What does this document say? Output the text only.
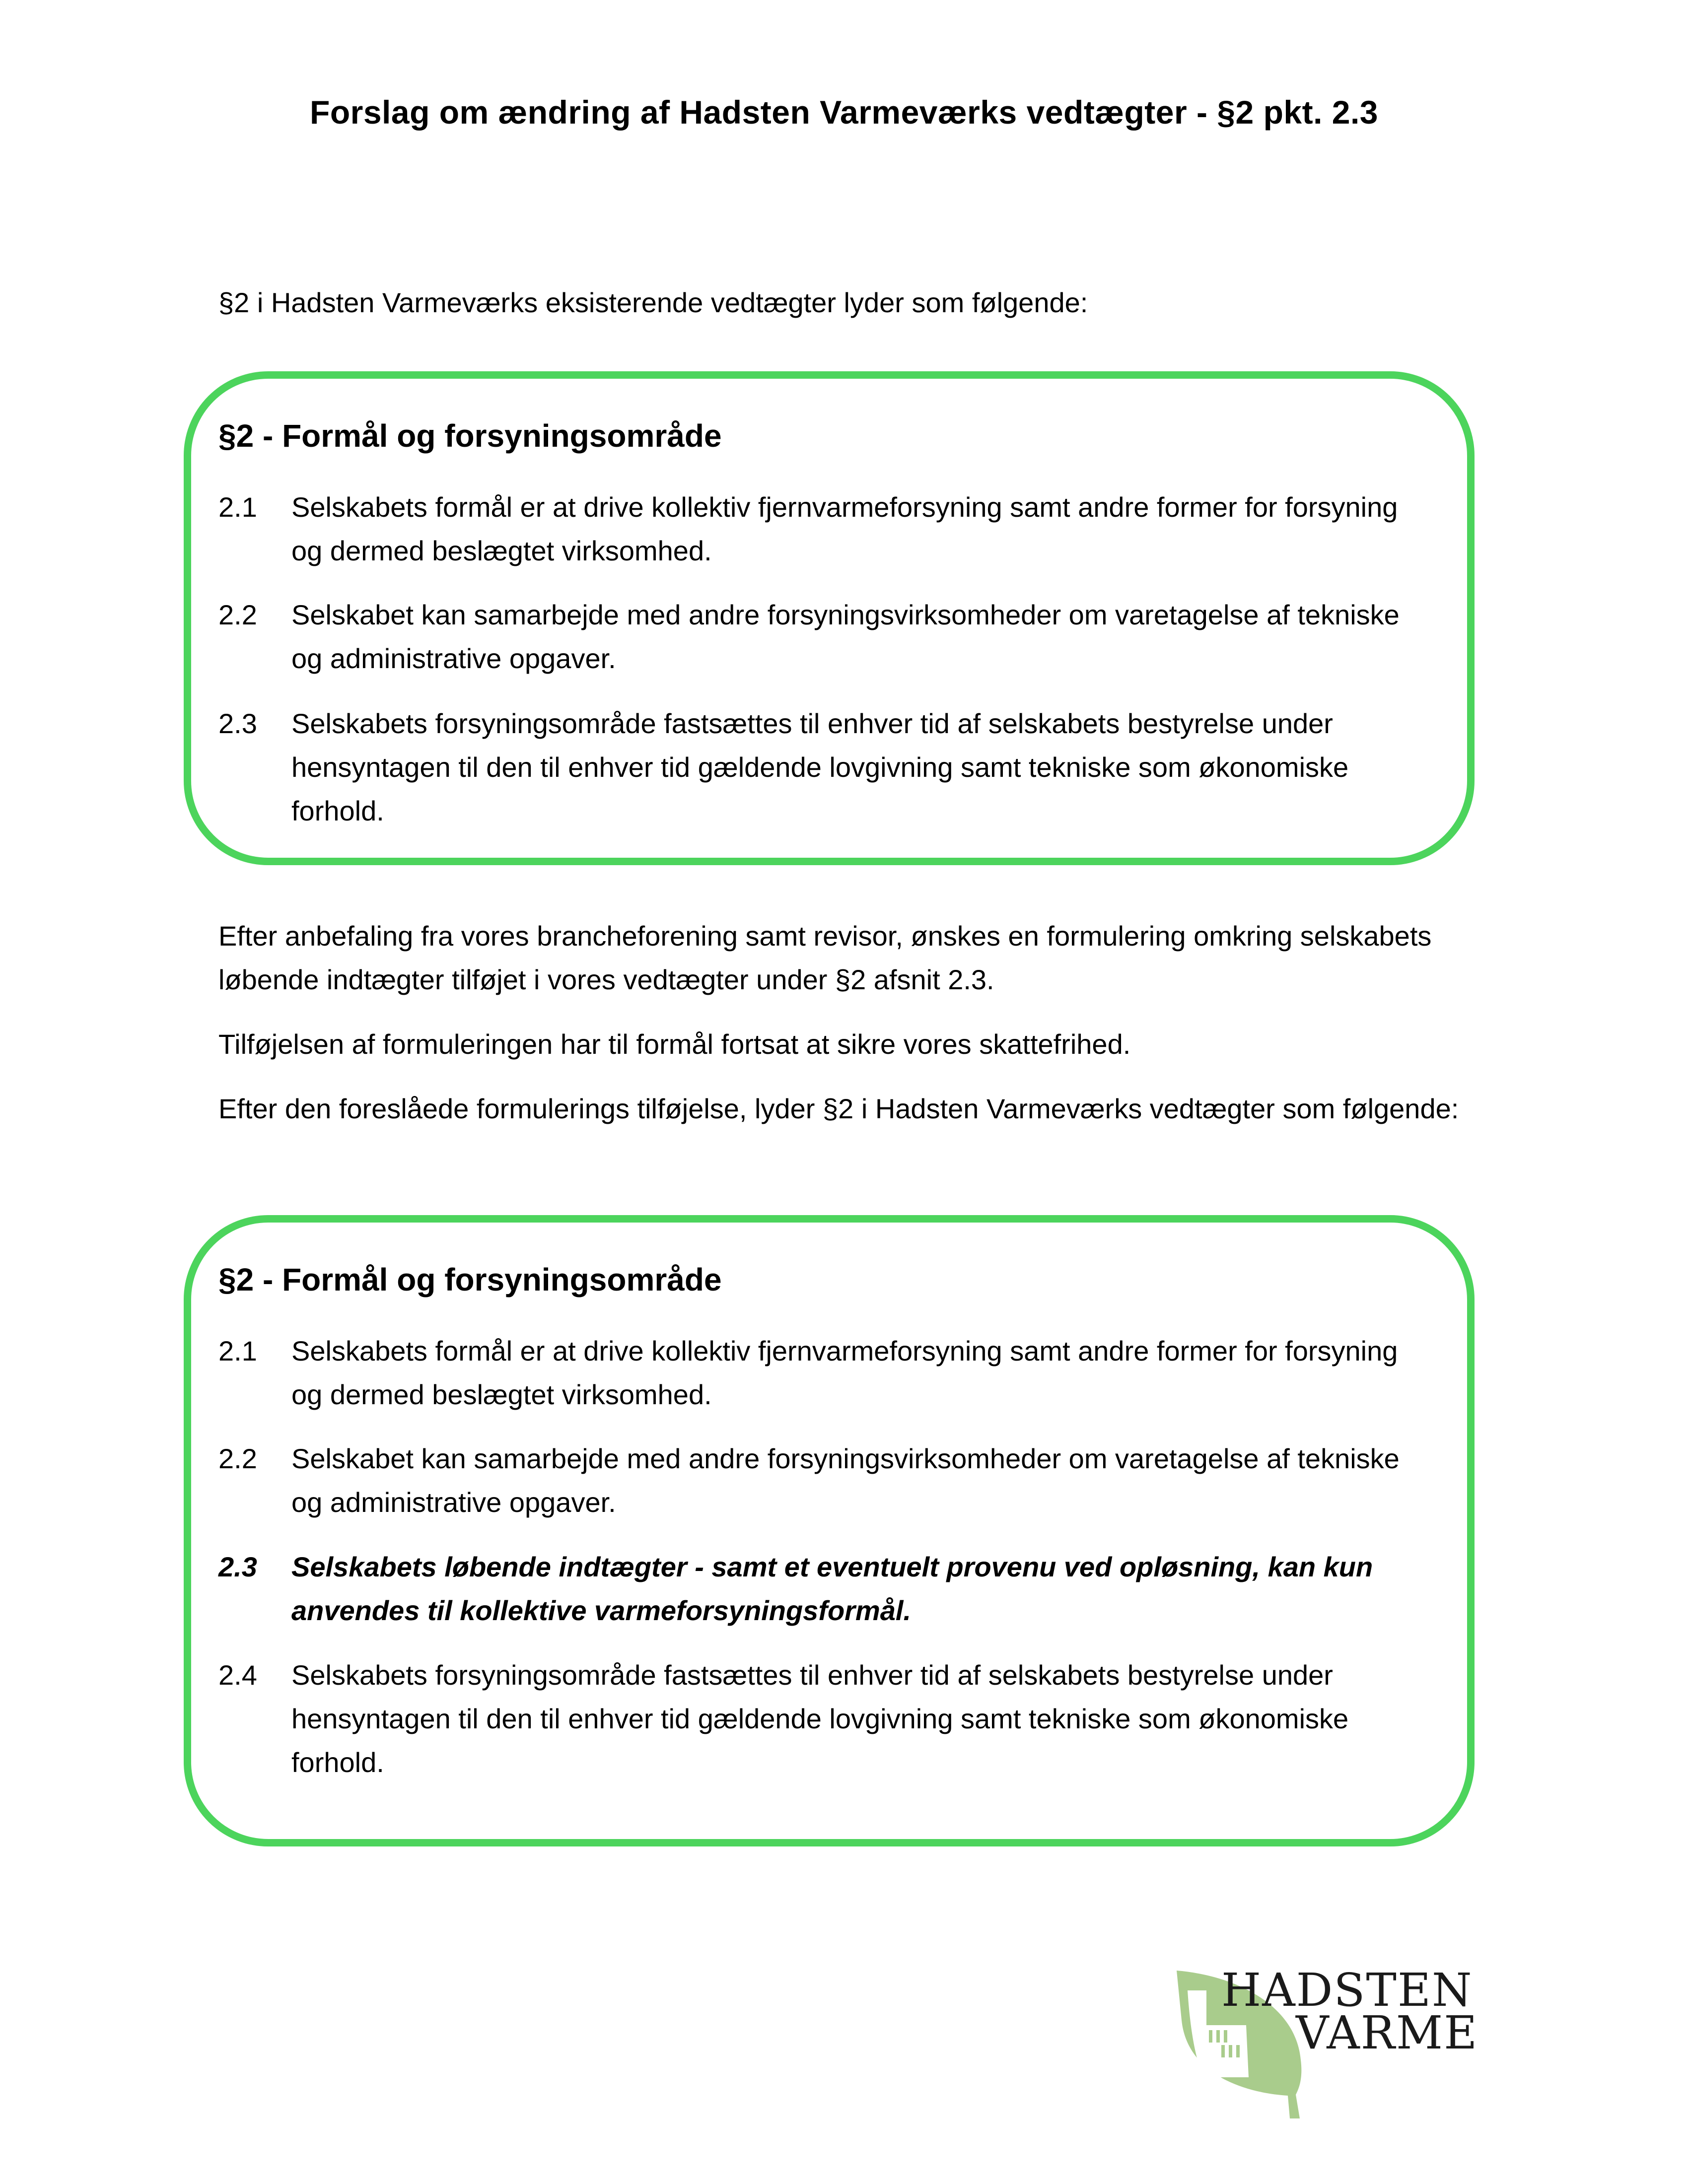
Forslag om ændring af Hadsten Varmeværks vedtægter - §2 pkt. 2.3
§2 i Hadsten Varmeværks eksisterende vedtægter lyder som følgende:
§2 - Formål og forsyningsområde
2.1	Selskabets formål er at drive kollektiv fjernvarmeforsyning samt andre former for forsyning og dermed beslægtet virksomhed.
2.2	Selskabet kan samarbejde med andre forsyningsvirksomheder om varetagelse af tekniske og administrative opgaver.
2.3	Selskabets forsyningsområde fastsættes til enhver tid af selskabets bestyrelse under hensyntagen til den til enhver tid gældende lovgivning samt tekniske som økonomiske forhold.
Efter anbefaling fra vores brancheforening samt revisor, ønskes en formulering omkring selskabets løbende indtægter tilføjet i vores vedtægter under §2 afsnit 2.3.
Tilføjelsen af formuleringen har til formål fortsat at sikre vores skattefrihed.
Efter den foreslåede formulerings tilføjelse, lyder §2 i Hadsten Varmeværks vedtægter som følgende:
§2 - Formål og forsyningsområde
2.1	Selskabets formål er at drive kollektiv fjernvarmeforsyning samt andre former for forsyning og dermed beslægtet virksomhed.
2.2	Selskabet kan samarbejde med andre forsyningsvirksomheder om varetagelse af tekniske og administrative opgaver.
2.3	Selskabets løbende indtægter - samt et eventuelt provenu ved opløsning, kan kun anvendes til kollektive varmeforsyningsformål.
2.4	Selskabets forsyningsområde fastsættes til enhver tid af selskabets bestyrelse under hensyntagen til den til enhver tid gældende lovgivning samt tekniske som økonomiske forhold.
HADSTEN
VARME
